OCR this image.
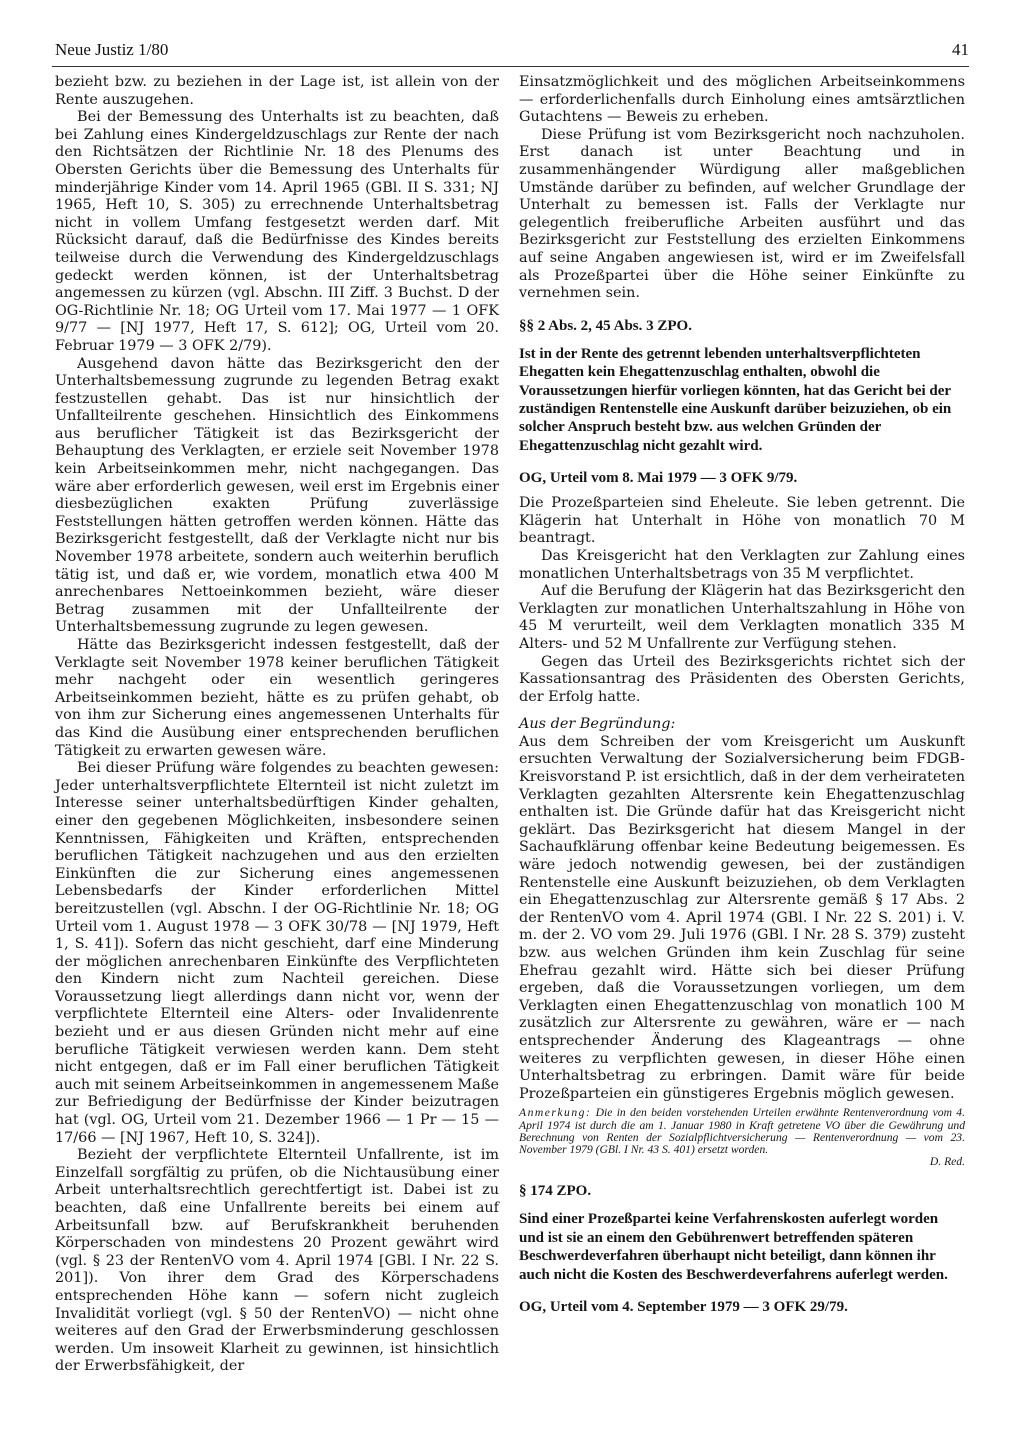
Neue Justiz 1/80	41

bezieht bzw. zu beziehen in der Lage ist, ist allein von der Rente auszugehen.

Bei der Bemessung des Unterhalts ist zu beachten, daß bei Zahlung eines Kindergeldzuschlags zur Rente der nach den Richtsätzen der Richtlinie Nr. 18 des Plenums des Obersten Gerichts über die Bemessung des Unterhalts für minderjährige Kinder vom 14. April 1965 (GBl. II S. 331; NJ 1965, Heft 10, S. 305) zu errechnende Unterhaltsbetrag nicht in vollem Umfang festgesetzt werden darf. Mit Rücksicht darauf, daß die Bedürfnisse des Kindes bereits teilweise durch die Verwendung des Kindergeldzuschlags gedeckt werden können, ist der Unterhaltsbetrag angemessen zu kürzen (vgl. Abschn. III Ziff. 3 Buchst. D der OG-Richtlinie Nr. 18; OG Urteil vom 17. Mai 1977 — 1 OFK 9/77 — [NJ 1977, Heft 17, S. 612]; OG, Urteil vom 20. Februar 1979 — 3 OFK 2/79).

Ausgehend davon hätte das Bezirksgericht den der Unterhaltsbemessung zugrunde zu legenden Betrag exakt festzustellen gehabt. Das ist nur hinsichtlich der Unfallteilrente geschehen. Hinsichtlich des Einkommens aus beruflicher Tätigkeit ist das Bezirksgericht der Behauptung des Verklagten, er erziele seit November 1978 kein Arbeitseinkommen mehr, nicht nachgegangen. Das wäre aber erforderlich gewesen, weil erst im Ergebnis einer diesbezüglichen exakten Prüfung zuverlässige Feststellungen hätten getroffen werden können. Hätte das Bezirksgericht festgestellt, daß der Verklagte nicht nur bis November 1978 arbeitete, sondern auch weiterhin beruflich tätig ist, und daß er, wie vordem, monatlich etwa 400 M anrechenbares Nettoeinkommen bezieht, wäre dieser Betrag zusammen mit der Unfallteilrente der Unterhaltsbemessung zugrunde zu legen gewesen.

Hätte das Bezirksgericht indessen festgestellt, daß der Verklagte seit November 1978 keiner beruflichen Tätigkeit mehr nachgeht oder ein wesentlich geringeres Arbeitseinkommen bezieht, hätte es zu prüfen gehabt, ob von ihm zur Sicherung eines angemessenen Unterhalts für das Kind die Ausübung einer entsprechenden beruflichen Tätigkeit zu erwarten gewesen wäre.

Bei dieser Prüfung wäre folgendes zu beachten gewesen: Jeder unterhaltsverpflichtete Elternteil ist nicht zuletzt im Interesse seiner unterhaltsbedürftigen Kinder gehalten, einer den gegebenen Möglichkeiten, insbesondere seinen Kenntnissen, Fähigkeiten und Kräften, entsprechenden beruflichen Tätigkeit nachzugehen und aus den erzielten Einkünften die zur Sicherung eines angemessenen Lebensbedarfs der Kinder erforderlichen Mittel bereitzustellen (vgl. Abschn. I der OG-Richtlinie Nr. 18; OG Urteil vom 1. August 1978 — 3 OFK 30/78 — [NJ 1979, Heft 1, S. 41]). Sofern das nicht geschieht, darf eine Minderung der möglichen anrechenbaren Einkünfte des Verpflichteten den Kindern nicht zum Nachteil gereichen. Diese Voraussetzung liegt allerdings dann nicht vor, wenn der verpflichtete Elternteil eine Alters- oder Invalidenrente bezieht und er aus diesen Gründen nicht mehr auf eine berufliche Tätigkeit verwiesen werden kann. Dem steht nicht entgegen, daß er im Fall einer beruflichen Tätigkeit auch mit seinem Arbeitseinkommen in angemessenem Maße zur Befriedigung der Bedürfnisse der Kinder beizutragen hat (vgl. OG, Urteil vom 21. Dezember 1966 — 1 Pr — 15 — 17/66 — [NJ 1967, Heft 10, S. 324]).

Bezieht der verpflichtete Elternteil Unfallrente, ist im Einzelfall sorgfältig zu prüfen, ob die Nichtausübung einer Arbeit unterhaltsrechtlich gerechtfertigt ist. Dabei ist zu beachten, daß eine Unfallrente bereits bei einem auf Arbeitsunfall bzw. auf Berufskrankheit beruhenden Körperschaden von mindestens 20 Prozent gewährt wird (vgl. § 23 der RentenVO vom 4. April 1974 [GBl. I Nr. 22 S. 201]). Von ihrer dem Grad des Körperschadens entsprechenden Höhe kann — sofern nicht zugleich Invalidität vorliegt (vgl. § 50 der RentenVO) — nicht ohne weiteres auf den Grad der Erwerbsminderung geschlossen werden. Um insoweit Klarheit zu gewinnen, ist hinsichtlich der Erwerbsfähigkeit, der

Einsatzmöglichkeit und des möglichen Arbeitseinkommens — erforderlichenfalls durch Einholung eines amtsärztlichen Gutachtens — Beweis zu erheben.

Diese Prüfung ist vom Bezirksgericht noch nachzuholen. Erst danach ist unter Beachtung und in zusammenhängender Würdigung aller maßgeblichen Umstände darüber zu befinden, auf welcher Grundlage der Unterhalt zu bemessen ist. Falls der Verklagte nur gelegentlich freiberufliche Arbeiten ausführt und das Bezirksgericht zur Feststellung des erzielten Einkommens auf seine Angaben angewiesen ist, wird er im Zweifelsfall als Prozeßpartei über die Höhe seiner Einkünfte zu vernehmen sein.

§§ 2 Abs. 2, 45 Abs. 3 ZPO.

Ist in der Rente des getrennt lebenden unterhaltsverpflichteten Ehegatten kein Ehegattenzuschlag enthalten, obwohl die Voraussetzungen hierfür vorliegen könnten, hat das Gericht bei der zuständigen Rentenstelle eine Auskunft darüber beizuziehen, ob ein solcher Anspruch besteht bzw. aus welchen Gründen der Ehegattenzuschlag nicht gezahlt wird.

OG, Urteil vom 8. Mai 1979 — 3 OFK 9/79.

Die Prozeßparteien sind Eheleute. Sie leben getrennt. Die Klägerin hat Unterhalt in Höhe von monatlich 70 M beantragt.

Das Kreisgericht hat den Verklagten zur Zahlung eines monatlichen Unterhaltsbetrags von 35 M verpflichtet.

Auf die Berufung der Klägerin hat das Bezirksgericht den Verklagten zur monatlichen Unterhaltszahlung in Höhe von 45 M verurteilt, weil dem Verklagten monatlich 335 M Alters- und 52 M Unfallrente zur Verfügung stehen.

Gegen das Urteil des Bezirksgerichts richtet sich der Kassationsantrag des Präsidenten des Obersten Gerichts, der Erfolg hatte.

Aus der Begründung:

Aus dem Schreiben der vom Kreisgericht um Auskunft ersuchten Verwaltung der Sozialversicherung beim FDGB-Kreisvorstand P. ist ersichtlich, daß in der dem verheirateten Verklagten gezahlten Altersrente kein Ehegattenzuschlag enthalten ist. Die Gründe dafür hat das Kreisgericht nicht geklärt. Das Bezirksgericht hat diesem Mangel in der Sachaufklärung offenbar keine Bedeutung beigemessen. Es wäre jedoch notwendig gewesen, bei der zuständigen Rentenstelle eine Auskunft beizuziehen, ob dem Verklagten ein Ehegattenzuschlag zur Altersrente gemäß § 17 Abs. 2 der RentenVO vom 4. April 1974 (GBl. I Nr. 22 S. 201) i. V. m. der 2. VO vom 29. Juli 1976 (GBl. I Nr. 28 S. 379) zusteht bzw. aus welchen Gründen ihm kein Zuschlag für seine Ehefrau gezahlt wird. Hätte sich bei dieser Prüfung ergeben, daß die Voraussetzungen vorliegen, um dem Verklagten einen Ehegattenzuschlag von monatlich 100 M zusätzlich zur Altersrente zu gewähren, wäre er — nach entsprechender Änderung des Klageantrags — ohne weiteres zu verpflichten gewesen, in dieser Höhe einen Unterhaltsbetrag zu erbringen. Damit wäre für beide Prozeßparteien ein günstigeres Ergebnis möglich gewesen.

Anmerkung: Die in den beiden vorstehenden Urteilen erwähnte Rentenverordnung vom 4. April 1974 ist durch die am 1. Januar 1980 in Kraft getretene VO über die Gewährung und Berechnung von Renten der Sozialpflichtversicherung — Rentenverordnung — vom 23. November 1979 (GBl. I Nr. 43 S. 401) ersetzt worden.
D. Red.

§ 174 ZPO.

Sind einer Prozeßpartei keine Verfahrenskosten auferlegt worden und ist sie an einem den Gebührenwert betreffenden späteren Beschwerdeverfahren überhaupt nicht beteiligt, dann können ihr auch nicht die Kosten des Beschwerdeverfahrens auferlegt werden.

OG, Urteil vom 4. September 1979 — 3 OFK 29/79.
